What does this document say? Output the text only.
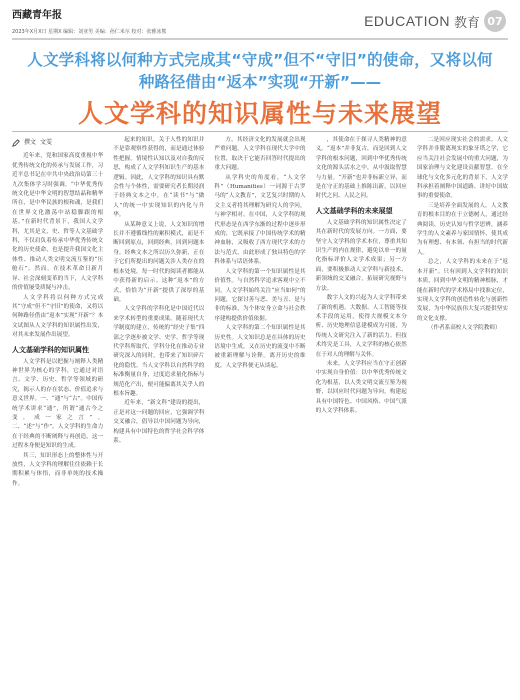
西藏青年报
2023年X月X日 星期X 编辑：刘亚男 美编：孙仁米尔 校对：张雅冰熊
EDUCATION 教育 07
人文学科将以何种方式完成其“守成”但不“守旧”的使命，又将以何
种路径借由“返本”实现“开新”——
人文学科的知识属性与未来展望
撰文 文雯

近年来，党和国家高度重视中华优秀传统文化的传承与发展工作，习近平总书记在中共中央政治局第三十九次集体学习时强调，“中华优秀传统文化是中华文明的智慧结晶和精华所在，是中华民族的根和魂，是我们在世界文化激荡中站稳脚跟的根基。”在新时代背景下，我国人文学科，尤其是文、史、哲等人文基础学科，不仅肩负着传承中华优秀传统文化的历史使命，也是提升我国文化主体性、推动人类文明交流互鉴的“压舱石”。然而，在技术革命日新月异、社会深刻变革的当下，人文学科的价值屡受质疑与冲击。

人文学科将以何种方式完成其“守成”但不“守旧”的使命，又将以何种路径借由“返本”实现“开新”？本文试图从人文学科的知识属性出发，对其未来发展作出展望。

人文基础学科的知识属性

人文学科是以把握与阐释人类精神世界为核心的学科，它通过对语言、文学、历史、哲学等领域的研究，揭示人的存在状态、价值追求与意义世界。一、“通”与“古”。中国传统学术讲求“通”，所谓“通古今之变，成一家之言”。二、“述”与“作”。人文学科的生命力在于经典的不断阐释与再创造，这一过程本身便是知识的生成。

其三，知识形态上的整体性与开放性，人文学科的理解往往依赖于长期积累与体悟，而非单纯的技术操作。

起来的知识。关于人性的知识并不是靠观察性获得的，而是通过体验性把握。情境性认知以及对自我的反思，构成了人文学科知识生产的基本逻辑。因此，人文学科的知识具有默会性与个体性，需要研究者长期浸润于经典文本之中，在“读书”与“做人”的统一中实现知识的内化与升华。

从某种意义上说，人文知识的增长并不遵循线性的累积模式，而是不断回到原点，回到经典，回到问题本身。经典文本之所以历久弥新，正在于它们所提出的问题关涉人类存在的根本处境，每一时代的阅读者都能从中获得新的启示。这种“返本”的方式，恰恰为“开新”提供了深厚的基础。

人文学科的学科化是中国近代以来学术转型的重要成果。随着现代大学制度的建立，传统的“经史子集”四部之学逐步被文学、史学、哲学等现代学科所取代，学科分化在推动专业研究深入的同时，也带来了知识碎片化的隐忧。当人文学科以自然科学的标准衡量自身，过度追求量化指标与规范化产出，便可能偏离其关乎人的根本旨趣。

近年来，“新文科”建设的提出，正是对这一问题的回应，它强调学科交叉融合，倡导以中国问题为导向，构建具有中国特色的哲学社会科学体系。

方，其经济文化的发展就会出现严重问题。人文学科在现代大学中的位置，取决于它能否回答时代提出的重大问题。

从学科史的角度看，“人文学科”（Humanities）一词源于古罗马的“人文教育”，文艺复兴时期的人文主义者将其理解为研究人的学问，与神学相对。在中国，人文学科的现代形态是在西学东渐的过程中逐步形成的，它既承接了中国传统学术的精神血脉，又吸收了西方现代学术的方法与范式，由此形成了独具特色的学科体系与话语体系。

人文学科的第一个知识属性是其价值性。与自然科学追求客观中立不同，人文学科始终关注“应当如何”的问题，它探讨善与恶、美与丑、是与非的标准，为个体安身立命与社会秩序建构提供价值依据。

人文学科的第二个知识属性是其历史性。人文知识总是在具体的历史语境中生成，又在历史的流变中不断被重新理解与诠释。离开历史的维度，人文学科便无从谈起。

，其使命在于探寻人类精神的意义。“返本”并非复古，而是回到人文学科的根本问题，回到中华优秀传统文化的源头活水之中，从中汲取智慧与力量。“开新”也并非标新立异，而是在守正的基础上推陈出新，以回应时代之问、人民之问。

人文基础学科的未来展望

人文基础学科的知识属性决定了其在新时代的发展方向。一方面，要坚守人文学科的学术本位，尊重其知识生产的内在规律，避免以单一的量化指标评价人文学术成果；另一方面，要积极推动人文学科与新技术、新领域的交叉融合，拓展研究视野与方法。

数字人文的兴起为人文学科带来了新的机遇。大数据、人工智能等技术手段的运用，使得大规模文本分析、历史地理信息建模成为可能，为传统人文研究注入了新的活力。但技术终究是工具，人文学科的核心依然在于对人的理解与关怀。

未来，人文学科应当在守正创新中实现自身价值：以中华优秀传统文化为根基，以人类文明交流互鉴为视野，以回应时代问题为导向，构建起具有中国特色、中国风格、中国气派的人文学科体系。

二是回应现实社会的需求。人文学科并非脱离现实的象牙塔之学，它应当关注社会发展中的重大问题，为国家治理与文化建设贡献智慧。在全球化与文化多元化的背景下，人文学科承担着阐释中国道路、讲好中国故事的重要使命。

三是培养全面发展的人。人文教育的根本目的在于立德树人，通过经典阅读、历史认知与哲学思辨，涵养学生的人文素养与家国情怀，使其成为有理想、有本领、有担当的时代新人。

总之，人文学科的未来在于“返本开新”。只有回到人文学科的知识本质，回到中华文明的精神根脉，才能在新时代的学术格局中找准定位，实现人文学科的创造性转化与创新性发展，为中华民族伟大复兴提供坚实的文化支撑。

（作者系高校人文学院教师）
